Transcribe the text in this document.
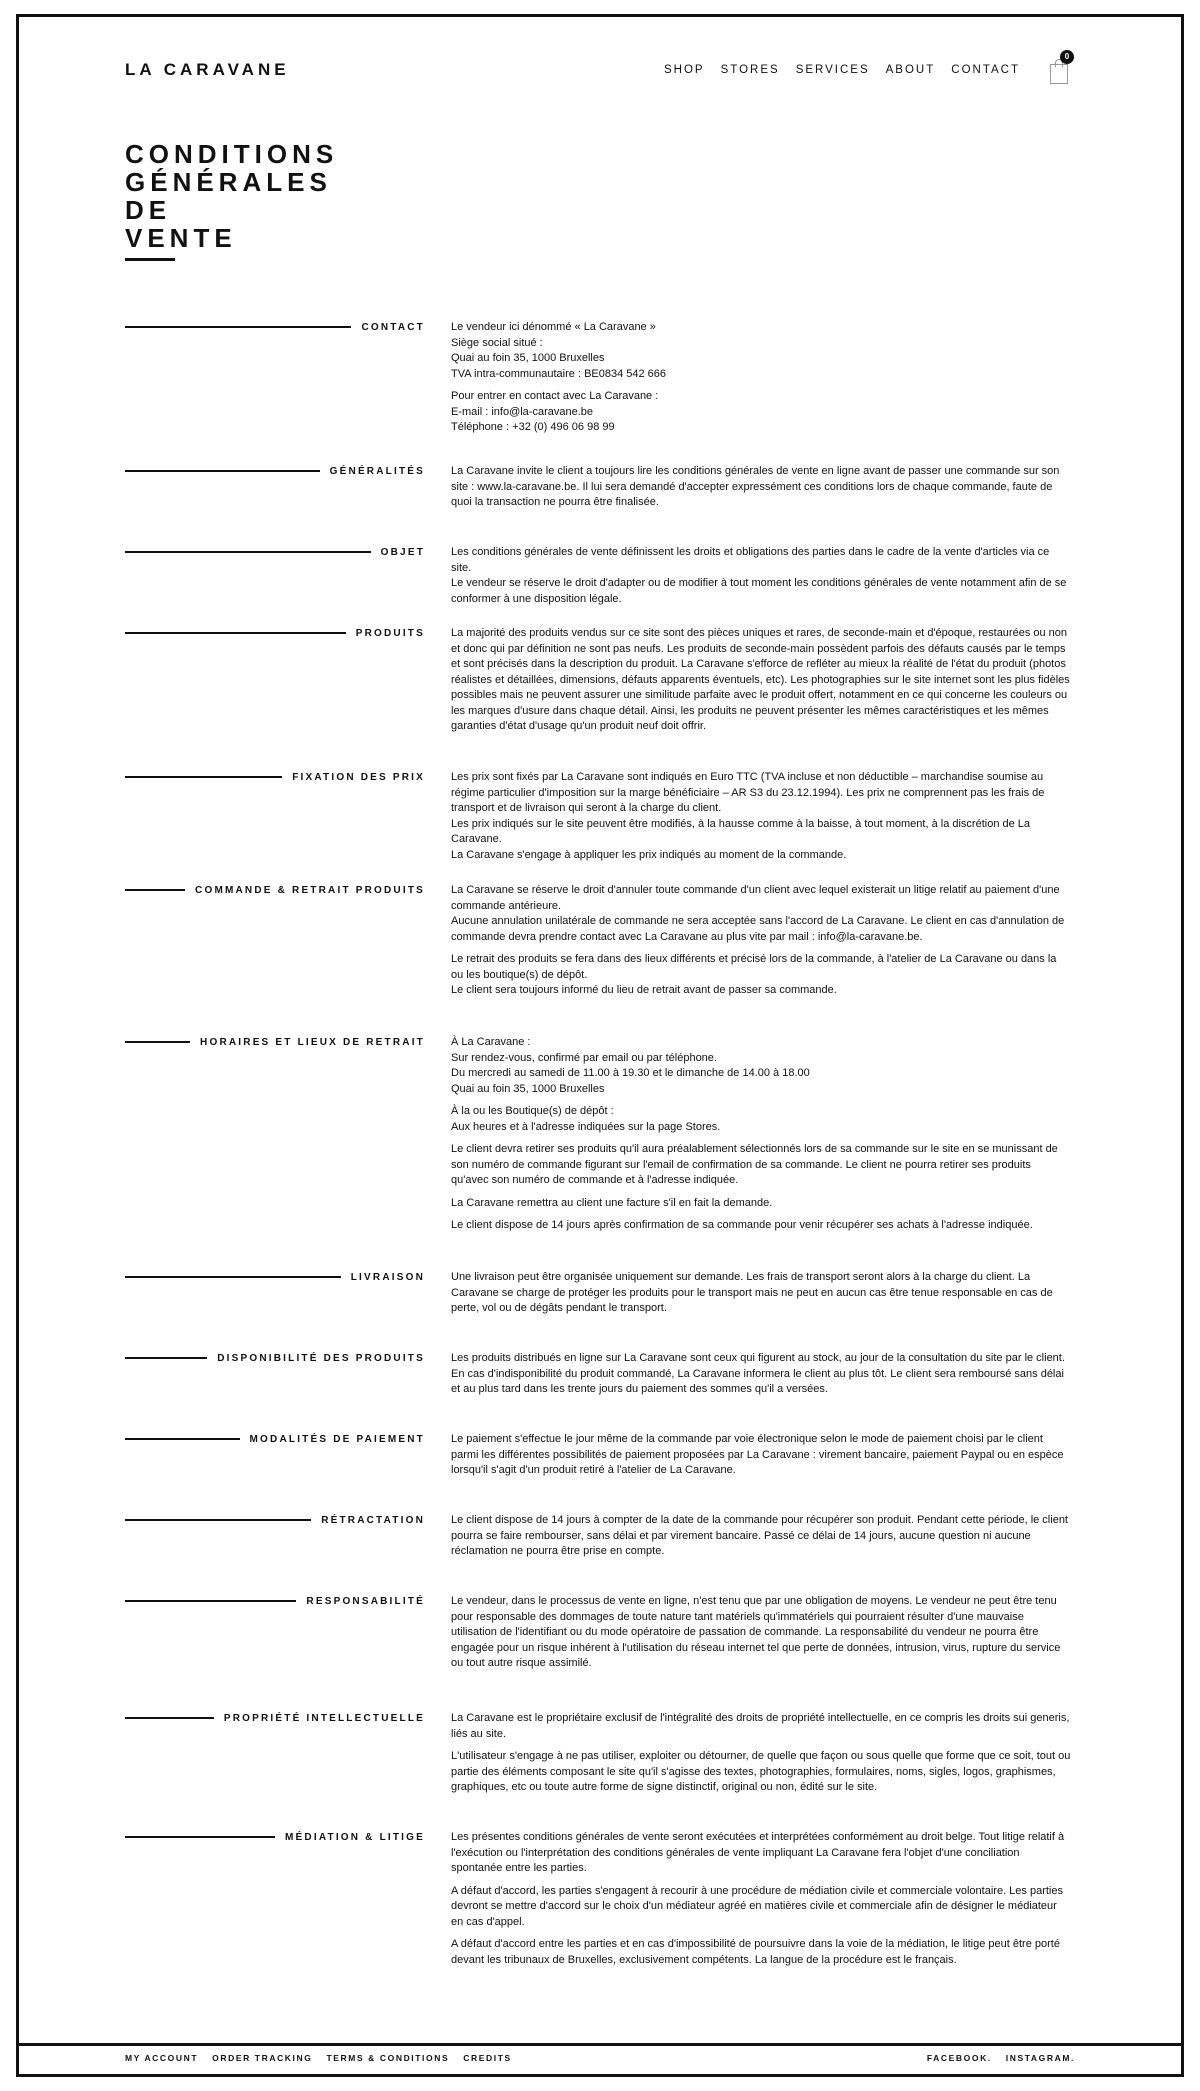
LA CARAVANE	SHOP STORES SERVICES ABOUT CONTACT
0
CONDITIONS
GÉNÉRALES
DE
VENTE
CONTACT Le vendeur ici dénommé « La Caravane »
Siège social situé :
Quai au foin 35, 1000 Bruxelles
TVA intra-communautaire : BE0834 542 666

Pour entrer en contact avec La Caravane :
E-mail : info@la-caravane.be
Téléphone : +32 (0) 496 06 98 99

GÉNÉRALITÉS La Caravane invite le client a toujours lire les conditions générales de vente en ligne avant de passer une commande sur son site : www.la-caravane.be. Il lui sera demandé d'accepter expressément ces conditions lors de chaque commande, faute de quoi la transaction ne pourra être finalisée.

OBJET Les conditions générales de vente définissent les droits et obligations des parties dans le cadre de la vente d'articles via ce site.
Le vendeur se réserve le droit d'adapter ou de modifier à tout moment les conditions générales de vente notamment afin de se conformer à une disposition légale.

PRODUITS La majorité des produits vendus sur ce site sont des pièces uniques et rares, de seconde-main et d'époque, restaurées ou non et donc qui par définition ne sont pas neufs. Les produits de seconde-main possèdent parfois des défauts causés par le temps et sont précisés dans la description du produit. La Caravane s'efforce de refléter au mieux la réalité de l'état du produit (photos réalistes et détaillées, dimensions, défauts apparents éventuels, etc). Les photographies sur le site internet sont les plus fidèles possibles mais ne peuvent assurer une similitude parfaite avec le produit offert, notamment en ce qui concerne les couleurs ou les marques d'usure dans chaque détail. Ainsi, les produits ne peuvent présenter les mêmes caractéristiques et les mêmes garanties d'état d'usage qu'un produit neuf doit offrir.

FIXATION DES PRIX Les prix sont fixés par La Caravane sont indiqués en Euro TTC (TVA incluse et non déductible – marchandise soumise au régime particulier d'imposition sur la marge bénéficiaire – AR S3 du 23.12.1994). Les prix ne comprennent pas les frais de transport et de livraison qui seront à la charge du client.
Les prix indiqués sur le site peuvent être modifiés, à la hausse comme à la baisse, à tout moment, à la discrétion de La Caravane.
La Caravane s'engage à appliquer les prix indiqués au moment de la commande.

COMMANDE & RETRAIT PRODUITS La Caravane se réserve le droit d'annuler toute commande d'un client avec lequel existerait un litige relatif au paiement d'une commande antérieure.
Aucune annulation unilatérale de commande ne sera acceptée sans l'accord de La Caravane. Le client en cas d'annulation de commande devra prendre contact avec La Caravane au plus vite par mail : info@la-caravane.be.

Le retrait des produits se fera dans des lieux différents et précisé lors de la commande, à l'atelier de La Caravane ou dans la ou les boutique(s) de dépôt.
Le client sera toujours informé du lieu de retrait avant de passer sa commande.

HORAIRES ET LIEUX DE RETRAIT À La Caravane :
Sur rendez-vous, confirmé par email ou par téléphone.
Du mercredi au samedi de 11.00 à 19.30 et le dimanche de 14.00 à 18.00
Quai au foin 35, 1000 Bruxelles

À la ou les Boutique(s) de dépôt :
Aux heures et à l'adresse indiquées sur la page Stores.

Le client devra retirer ses produits qu'il aura préalablement sélectionnés lors de sa commande sur le site en se munissant de son numéro de commande figurant sur l'email de confirmation de sa commande. Le client ne pourra retirer ses produits qu'avec son numéro de commande et à l'adresse indiquée.

La Caravane remettra au client une facture s'il en fait la demande.

Le client dispose de 14 jours après confirmation de sa commande pour venir récupérer ses achats à l'adresse indiquée.

LIVRAISON Une livraison peut être organisée uniquement sur demande. Les frais de transport seront alors à la charge du client. La Caravane se charge de protéger les produits pour le transport mais ne peut en aucun cas être tenue responsable en cas de perte, vol ou de dégâts pendant le transport.

DISPONIBILITÉ DES PRODUITS Les produits distribués en ligne sur La Caravane sont ceux qui figurent au stock, au jour de la consultation du site par le client. En cas d'indisponibilité du produit commandé, La Caravane informera le client au plus tôt. Le client sera remboursé sans délai et au plus tard dans les trente jours du paiement des sommes qu'il a versées.

MODALITÉS DE PAIEMENT Le paiement s'effectue le jour même de la commande par voie électronique selon le mode de paiement choisi par le client parmi les différentes possibilités de paiement proposées par La Caravane : virement bancaire, paiement Paypal ou en espèce lorsqu'il s'agit d'un produit retiré à l'atelier de La Caravane.

RÉTRACTATION Le client dispose de 14 jours à compter de la date de la commande pour récupérer son produit. Pendant cette période, le client pourra se faire rembourser, sans délai et par virement bancaire. Passé ce délai de 14 jours, aucune question ni aucune réclamation ne pourra être prise en compte.

RESPONSABILITÉ Le vendeur, dans le processus de vente en ligne, n'est tenu que par une obligation de moyens. Le vendeur ne peut être tenu pour responsable des dommages de toute nature tant matériels qu'immatériels qui pourraient résulter d'une mauvaise utilisation de l'identifiant ou du mode opératoire de passation de commande. La responsabilité du vendeur ne pourra être engagée pour un risque inhérent à l'utilisation du réseau internet tel que perte de données, intrusion, virus, rupture du service ou tout autre risque assimilé.

PROPRIÉTÉ INTELLECTUELLE La Caravane est le propriétaire exclusif de l'intégralité des droits de propriété intellectuelle, en ce compris les droits sui generis, liés au site.

L'utilisateur s'engage à ne pas utiliser, exploiter ou détourner, de quelle que façon ou sous quelle que forme que ce soit, tout ou partie des éléments composant le site qu'il s'agisse des textes, photographies, formulaires, noms, sigles, logos, graphismes, graphiques, etc ou toute autre forme de signe distinctif, original ou non, édité sur le site.

MÉDIATION & LITIGE Les présentes conditions générales de vente seront exécutées et interprétées conformément au droit belge. Tout litige relatif à l'exécution ou l'interprétation des conditions générales de vente impliquant La Caravane fera l'objet d'une conciliation spontanée entre les parties.

A défaut d'accord, les parties s'engagent à recourir à une procédure de médiation civile et commerciale volontaire. Les parties devront se mettre d'accord sur le choix d'un médiateur agréé en matières civile et commerciale afin de désigner le médiateur en cas d'appel.

A défaut d'accord entre les parties et en cas d'impossibilité de poursuivre dans la voie de la médiation, le litige peut être porté devant les tribunaux de Bruxelles, exclusivement compétents. La langue de la procédure est le français.

MY ACCOUNT ORDER TRACKING TERMS & CONDITIONS CREDITS	FACEBOOK. INSTAGRAM.
